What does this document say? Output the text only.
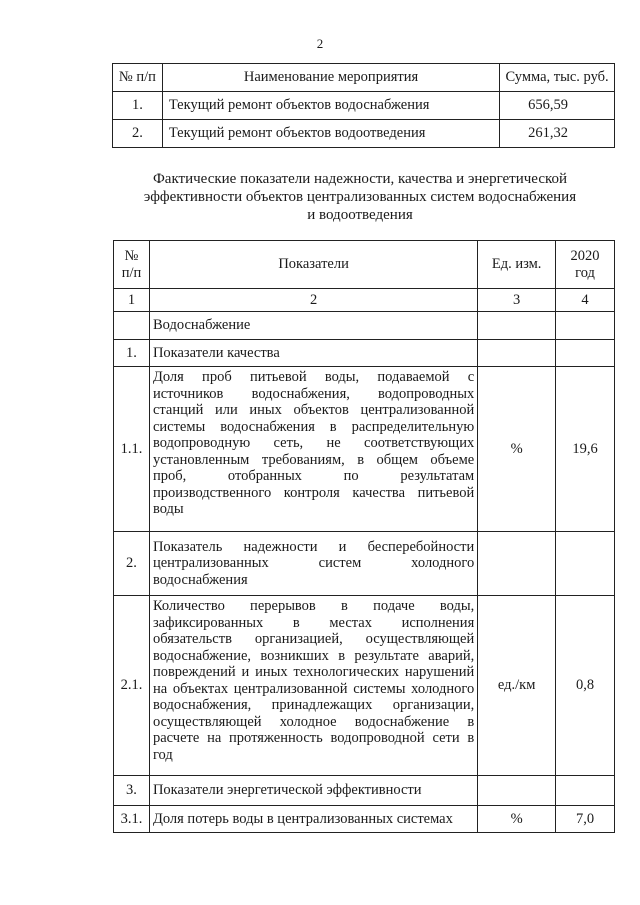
2
№ п/п	Наименование мероприятия	Сумма, тыс. руб.
1.	Текущий ремонт объектов водоснабжения	656,59
2.	Текущий ремонт объектов водоотведения	261,32
Фактические показатели надежности, качества и энергетической
эффективности объектов централизованных систем водоснабжения
и водоотведения
№ п/п	Показатели	Ед. изм.	2020 год

1	2	3	4
	Водоснабжение		
1.	Показатели качества		
1.1.	Доля проб питьевой воды, подаваемой с источников водоснабжения, водопроводных станций или иных объектов централизованной системы водоснабжения в распределительную водопроводную сеть, не соответствующих установленным требованиям, в общем объеме проб, отобранных по результатам производственного контроля качества питьевой воды	%	19,6
2.	Показатель надежности и бесперебойности централизованных систем холодного водоснабжения		
2.1.	Количество перерывов в подаче воды, зафиксированных в местах исполнения обязательств организацией, осуществляющей водоснабжение, возникших в результате аварий, повреждений и иных технологических нарушений на объектах централизованной системы холодного водоснабжения, принадлежащих организации, осуществляющей холодное водоснабжение в расчете на протяженность водопроводной сети в год	ед./км	0,8
3.	Показатели энергетической эффективности		
3.1.	Доля потерь воды в централизованных системах	%	7,0
